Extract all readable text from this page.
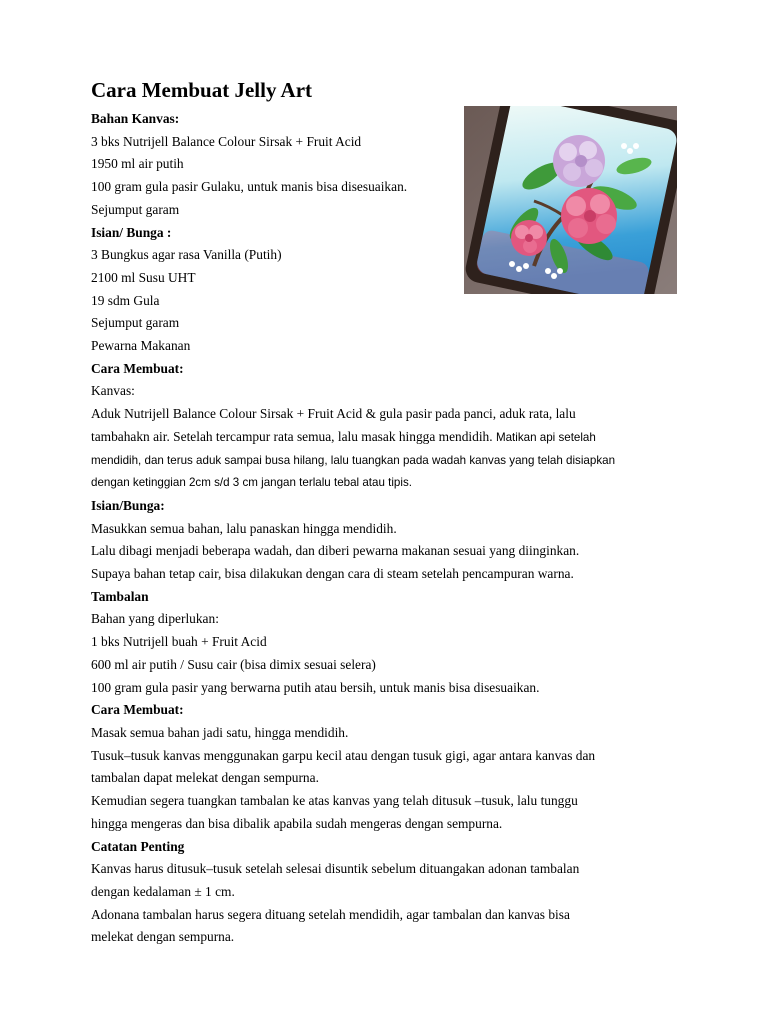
Cara Membuat Jelly Art

Bahan Kanvas:

3 bks Nutrijell Balance Colour Sirsak + Fruit Acid

1950 ml air putih

100 gram gula pasir Gulaku, untuk manis bisa disesuaikan.

Sejumput garam

Isian/ Bunga :

3 Bungkus agar rasa Vanilla (Putih)

2100 ml Susu UHT

19 sdm Gula

Sejumput garam

Pewarna Makanan

Cara Membuat:

Kanvas:

Aduk Nutrijell Balance Colour Sirsak + Fruit Acid & gula pasir pada panci, aduk rata, lalu

tambahakn air. Setelah tercampur rata semua, lalu masak hingga mendidih. Matikan api setelah

mendidih, dan terus aduk sampai busa hilang, lalu tuangkan pada wadah kanvas yang telah disiapkan

dengan ketinggian 2cm s/d 3 cm jangan terlalu tebal atau tipis.

Isian/Bunga:

Masukkan semua bahan, lalu panaskan hingga mendidih.

Lalu dibagi menjadi beberapa wadah, dan diberi pewarna makanan sesuai yang diinginkan.

Supaya bahan tetap cair, bisa dilakukan dengan cara di steam setelah pencampuran warna.

Tambalan

Bahan yang diperlukan:

1 bks Nutrijell buah + Fruit Acid

600 ml air putih / Susu cair (bisa dimix sesuai selera)

100 gram gula pasir yang berwarna putih atau bersih, untuk manis bisa disesuaikan.

Cara Membuat:

Masak semua bahan jadi satu, hingga mendidih.

Tusuk–tusuk kanvas menggunakan garpu kecil atau dengan tusuk gigi, agar antara kanvas dan

tambalan dapat melekat dengan sempurna.

Kemudian segera tuangkan tambalan ke atas kanvas yang telah ditusuk –tusuk, lalu tunggu

hingga mengeras dan bisa dibalik apabila sudah mengeras dengan sempurna.

Catatan Penting

Kanvas harus ditusuk–tusuk setelah selesai disuntik sebelum dituangakan adonan tambalan

dengan kedalaman ± 1 cm.

Adonana tambalan harus segera dituang setelah mendidih, agar tambalan dan kanvas bisa

melekat dengan sempurna.
